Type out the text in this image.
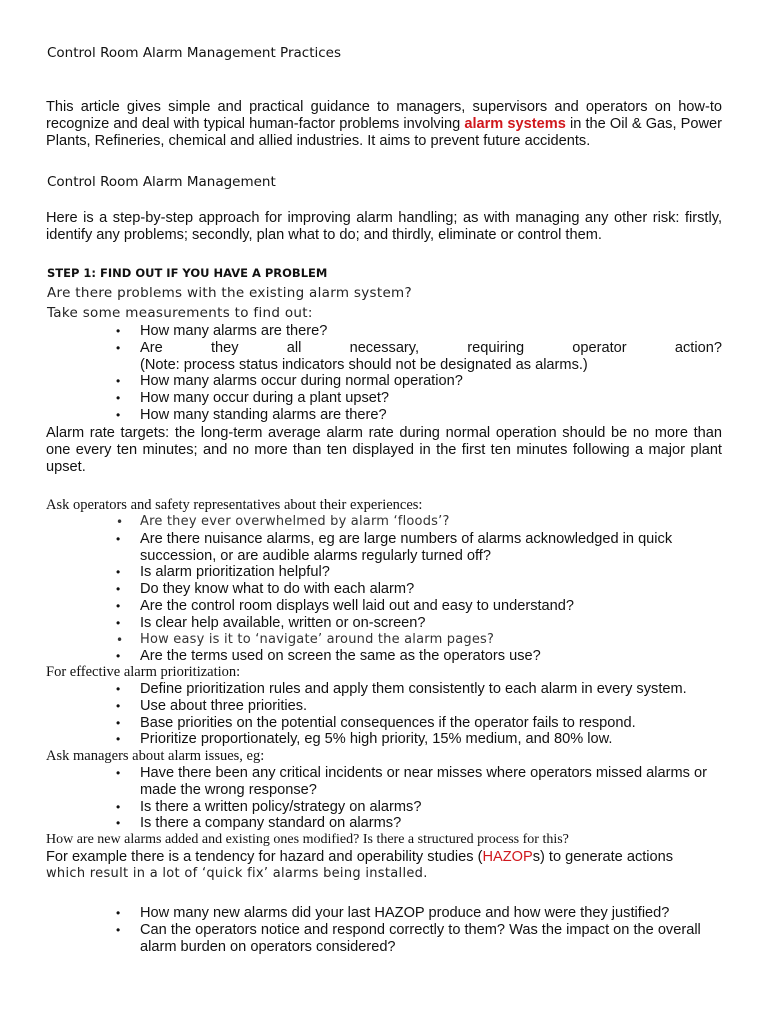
Control Room Alarm Management Practices
This article gives simple and practical guidance to managers, supervisors and operators on how-to recognize and deal with typical human-factor problems involving alarm systems in the Oil & Gas, Power Plants, Refineries, chemical and allied industries. It aims to prevent future accidents.
Control Room Alarm Management
Here is a step-by-step approach for improving alarm handling; as with managing any other risk: firstly, identify any problems; secondly, plan what to do; and thirdly, eliminate or control them.
STEP 1: FIND OUT IF YOU HAVE A PROBLEM
Are there problems with the existing alarm system?
Take some measurements to find out:
• How many alarms are there?
• Are	they	all	necessary,	requiring	operator	action?
(Note: process status indicators should not be designated as alarms.)
• How many alarms occur during normal operation?
• How many occur during a plant upset?
• How many standing alarms are there?
Alarm rate targets: the long-term average alarm rate during normal operation should be no more than one every ten minutes; and no more than ten displayed in the first ten minutes following a major plant upset.
Ask operators and safety representatives about their experiences:
• Are they ever overwhelmed by alarm ‘floods’?
• Are there nuisance alarms, eg are large numbers of alarms acknowledged in quick succession, or are audible alarms regularly turned off?
• Is alarm prioritization helpful?
• Do they know what to do with each alarm?
• Are the control room displays well laid out and easy to understand?
• Is clear help available, written or on-screen?
• How easy is it to ‘navigate’ around the alarm pages?
• Are the terms used on screen the same as the operators use?
For effective alarm prioritization:
• Define prioritization rules and apply them consistently to each alarm in every system.
• Use about three priorities.
• Base priorities on the potential consequences if the operator fails to respond.
• Prioritize proportionately, eg 5% high priority, 15% medium, and 80% low.
Ask managers about alarm issues, eg:
• Have there been any critical incidents or near misses where operators missed alarms or made the wrong response?
• Is there a written policy/strategy on alarms?
• Is there a company standard on alarms?
How are new alarms added and existing ones modified? Is there a structured process for this?
For example there is a tendency for hazard and operability studies (HAZOPs) to generate actions
which result in a lot of ‘quick fix’ alarms being installed.
• How many new alarms did your last HAZOP produce and how were they justified?
• Can the operators notice and respond correctly to them? Was the impact on the overall alarm burden on operators considered?
